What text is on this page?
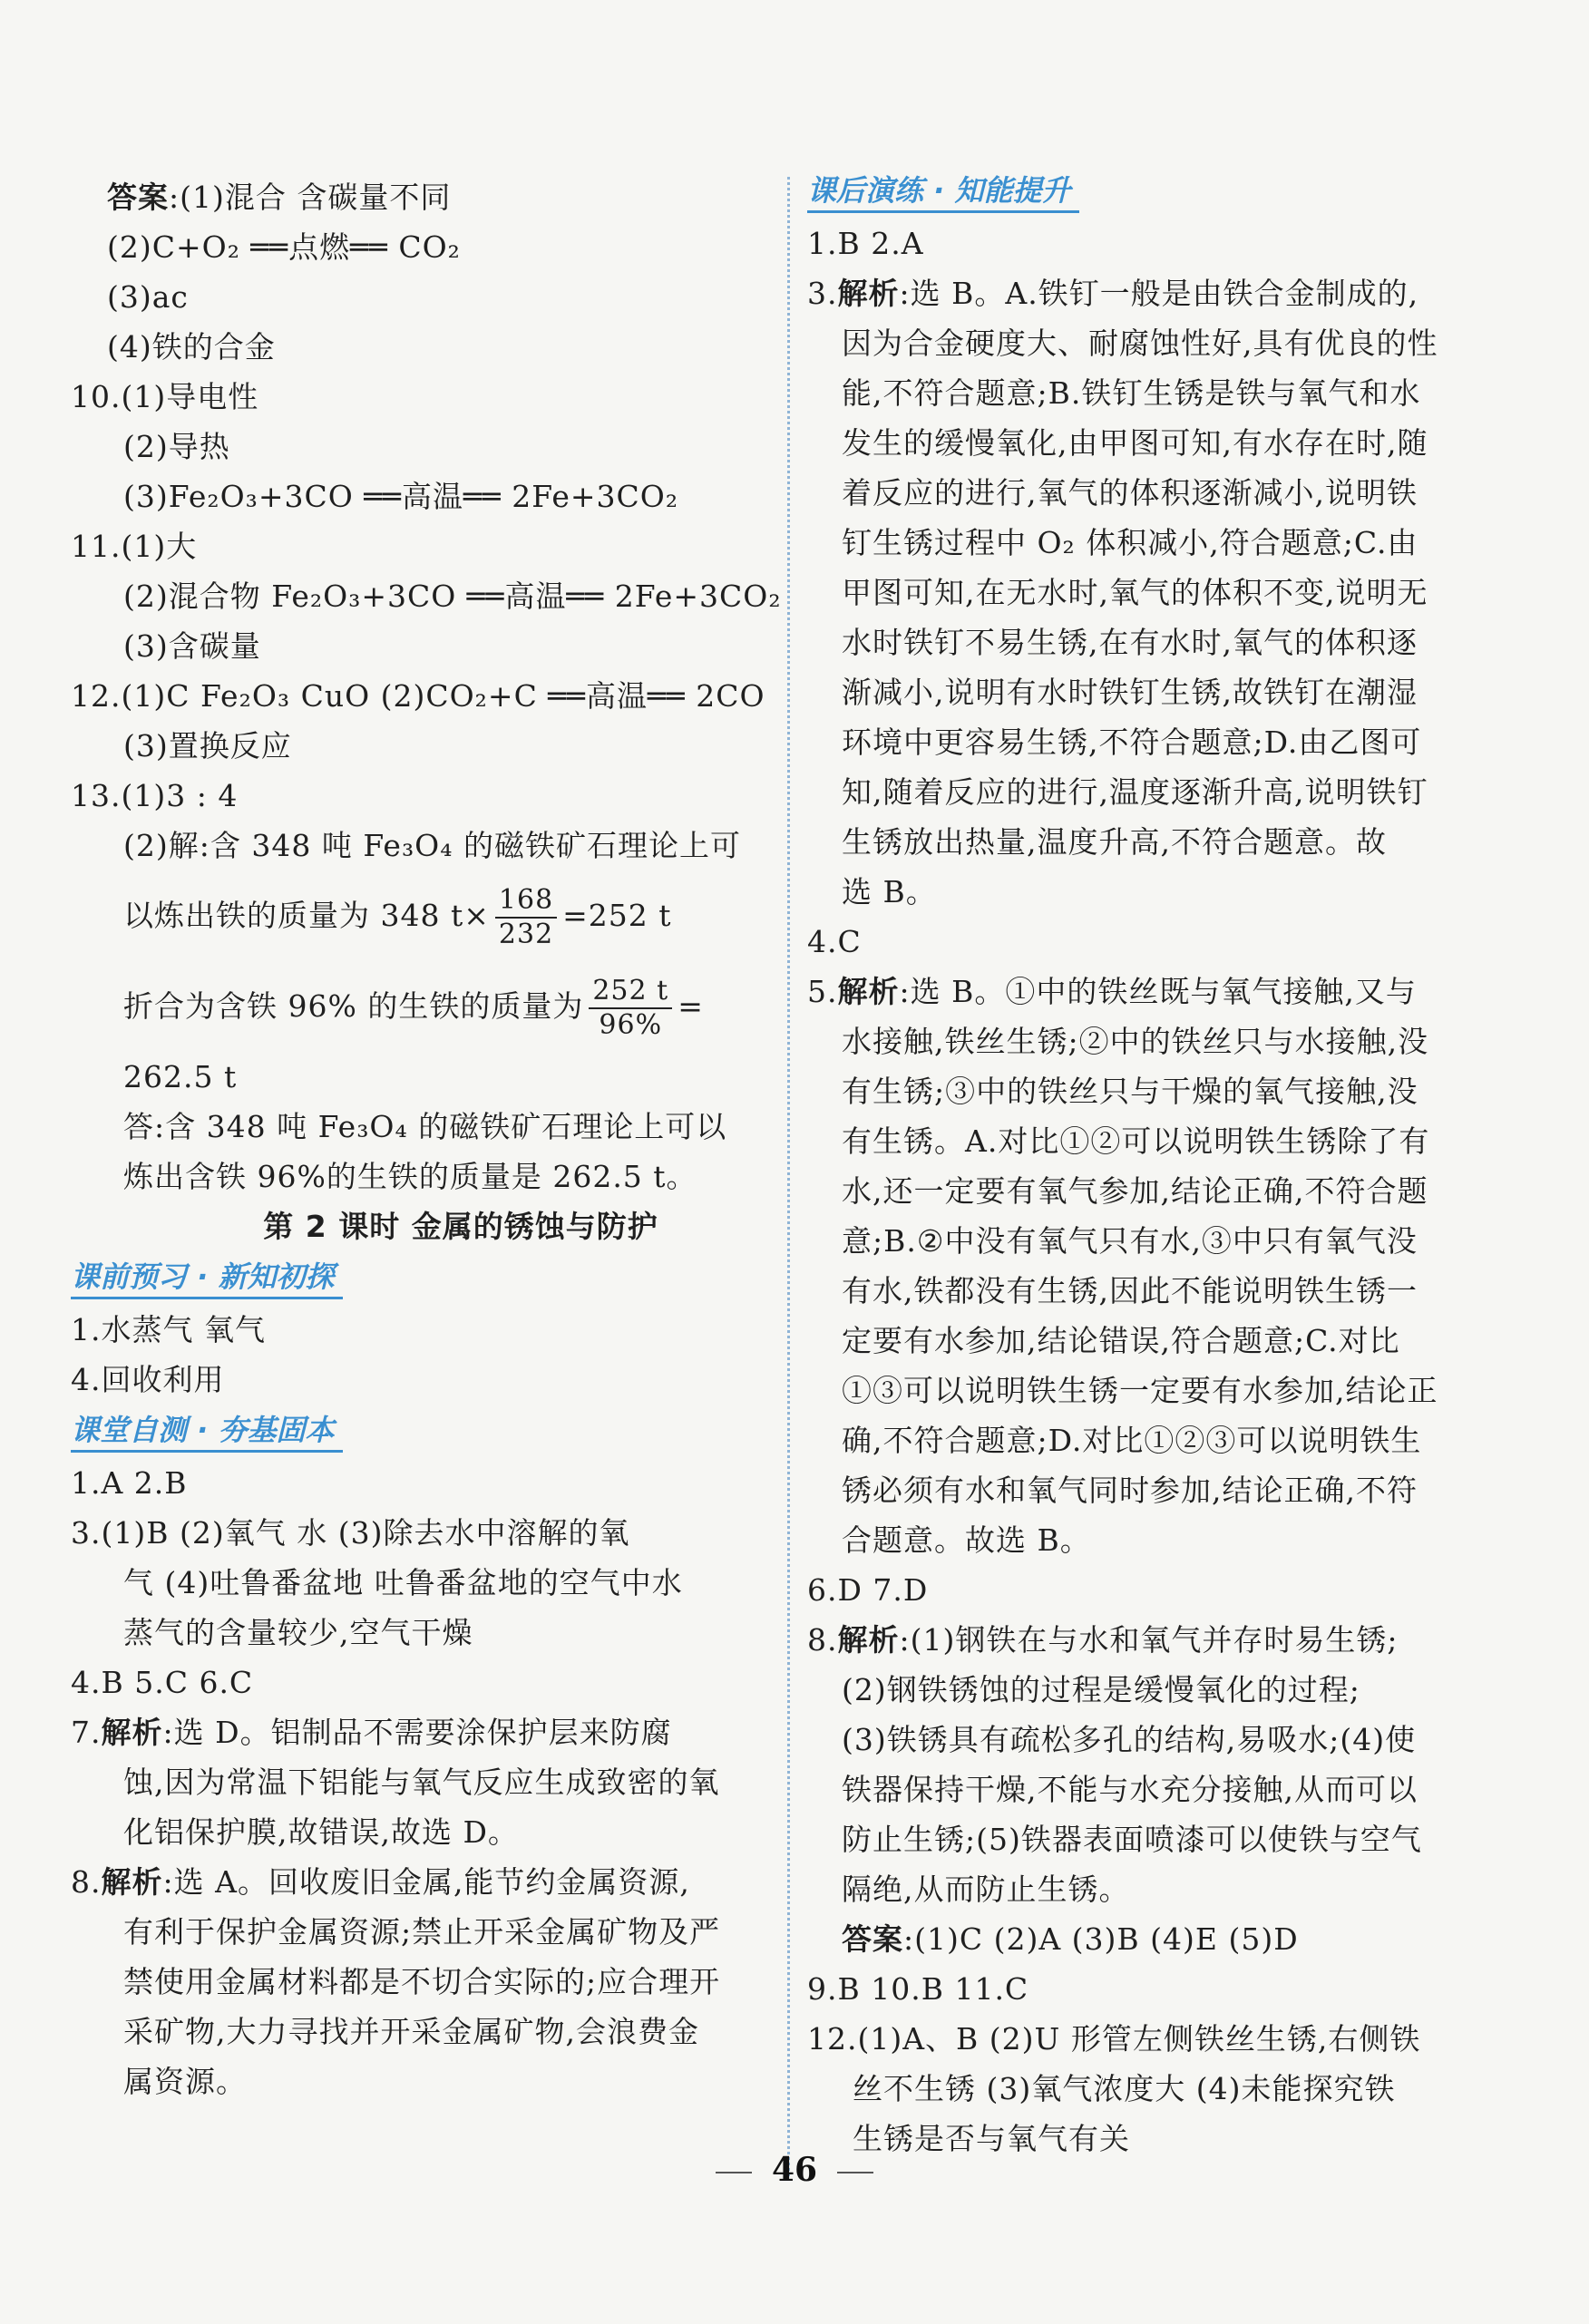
答案:(1)混合 含碳量不同
(2)C+O₂ ══点燃══ CO₂
(3)ac
(4)铁的合金
10.(1)导电性
(2)导热
(3)Fe₂O₃+3CO ══高温══ 2Fe+3CO₂
11.(1)大
(2)混合物 Fe₂O₃+3CO ══高温══ 2Fe+3CO₂
(3)含碳量
12.(1)C Fe₂O₃ CuO (2)CO₂+C ══高温══ 2CO
(3)置换反应
13.(1)3 : 4
(2)解:含 348 吨 Fe₃O₄ 的磁铁矿石理论上可
以炼出铁的质量为 348 $t\times \frac{168}{232} =252$ t
折合为含铁 96% 的生铁的质量为 $\frac{252 t}{96\%}$ =
262.5 t
答:含 348 吨 Fe₃O₄ 的磁铁矿石理论上可以
炼出含铁 96%的生铁的质量是 262.5 t。
第 2 课时 金属的锈蚀与防护
课前预习 · 新知初探
1.水蒸气 氧气
4.回收利用
课堂自测 · 夯基固本
1.A 2.B
3.(1)B (2)氧气 水 (3)除去水中溶解的氧
气 (4)吐鲁番盆地 吐鲁番盆地的空气中水
蒸气的含量较少,空气干燥
4.B 5.C 6.C
7.解析:选 D。铝制品不需要涂保护层来防腐
蚀,因为常温下铝能与氧气反应生成致密的氧
化铝保护膜,故错误,故选 D。
8.解析:选 A。回收废旧金属,能节约金属资源,
有利于保护金属资源;禁止开采金属矿物及严
禁使用金属材料都是不切合实际的;应合理开
采矿物,大力寻找并开采金属矿物,会浪费金
属资源。
课后演练 · 知能提升
1.B 2.A
3.解析:选 B。A.铁钉一般是由铁合金制成的,
因为合金硬度大、耐腐蚀性好,具有优良的性
能,不符合题意;B.铁钉生锈是铁与氧气和水
发生的缓慢氧化,由甲图可知,有水存在时,随
着反应的进行,氧气的体积逐渐减小,说明铁
钉生锈过程中 O₂ 体积减小,符合题意;C.由
甲图可知,在无水时,氧气的体积不变,说明无
水时铁钉不易生锈,在有水时,氧气的体积逐
渐减小,说明有水时铁钉生锈,故铁钉在潮湿
环境中更容易生锈,不符合题意;D.由乙图可
知,随着反应的进行,温度逐渐升高,说明铁钉
生锈放出热量,温度升高,不符合题意。故
选 B。
4.C
5.解析:选 B。①中的铁丝既与氧气接触,又与
水接触,铁丝生锈;②中的铁丝只与水接触,没
有生锈;③中的铁丝只与干燥的氧气接触,没
有生锈。A.对比①②可以说明铁生锈除了有
水,还一定要有氧气参加,结论正确,不符合题
意;B.②中没有氧气只有水,③中只有氧气没
有水,铁都没有生锈,因此不能说明铁生锈一
定要有水参加,结论错误,符合题意;C.对比
①③可以说明铁生锈一定要有水参加,结论正
确,不符合题意;D.对比①②③可以说明铁生
锈必须有水和氧气同时参加,结论正确,不符
合题意。故选 B。
6.D 7.D
8.解析:(1)钢铁在与水和氧气并存时易生锈;
(2)钢铁锈蚀的过程是缓慢氧化的过程;
(3)铁锈具有疏松多孔的结构,易吸水;(4)使
铁器保持干燥,不能与水充分接触,从而可以
防止生锈;(5)铁器表面喷漆可以使铁与空气
隔绝,从而防止生锈。
答案:(1)C (2)A (3)B (4)E (5)D
9.B 10.B 11.C
12.(1)A、B (2)U 形管左侧铁丝生锈,右侧铁
丝不生锈 (3)氧气浓度大 (4)未能探究铁
生锈是否与氧气有关
46
